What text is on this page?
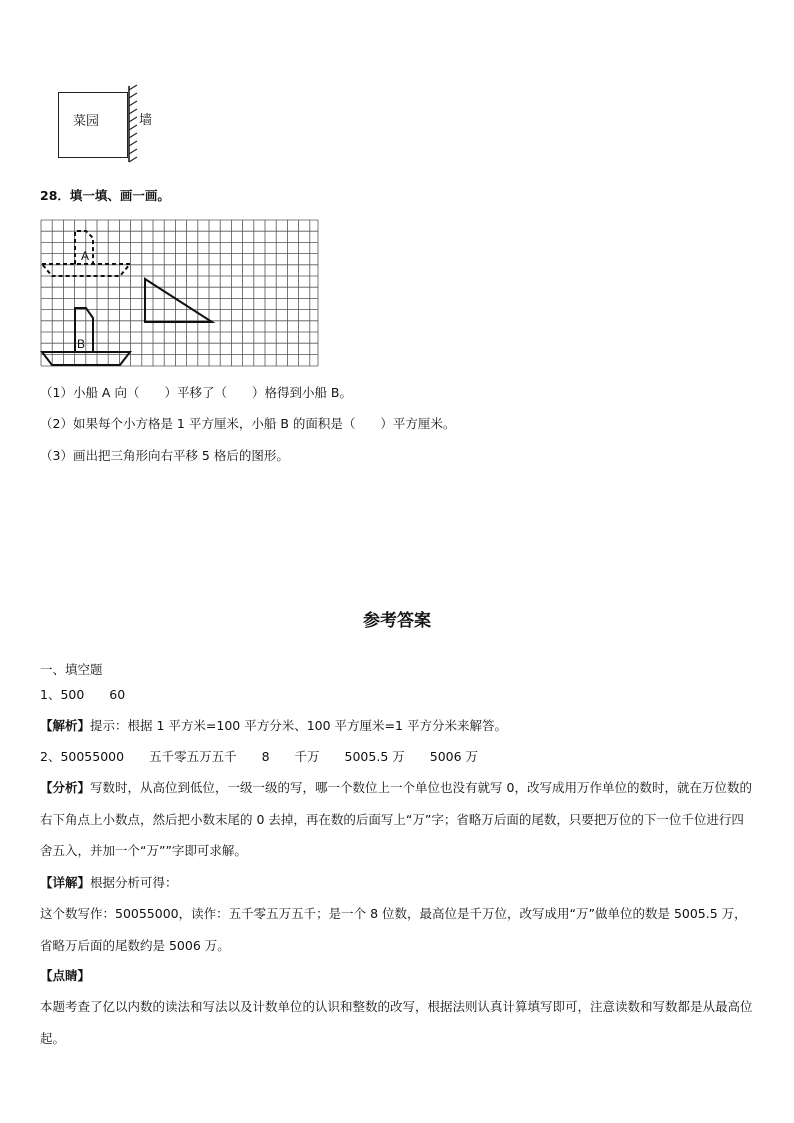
菜园	墙
28．填一填、画一画。
A
B
（1）小船 A 向（　　）平移了（　　）格得到小船 B。
（2）如果每个小方格是 1 平方厘米，小船 B 的面积是（　　）平方厘米。
（3）画出把三角形向右平移 5 格后的图形。
参考答案
一、填空题
1、500　　60
【解析】提示：根据 1 平方米=100 平方分米、100 平方厘米=1 平方分米来解答。
2、50055000　　五千零五万五千　　8　　千万　　5005.5 万　　5006 万
【分析】写数时，从高位到低位，一级一级的写，哪一个数位上一个单位也没有就写 0，改写成用万作单位的数时，就在万位数的右下角点上小数点，然后把小数末尾的 0 去掉，再在数的后面写上“万”字；省略万后面的尾数，只要把万位的下一位千位进行四舍五入，并加一个“万””字即可求解。
【详解】根据分析可得：
这个数写作：50055000，读作：五千零五万五千；是一个 8 位数，最高位是千万位，改写成用“万”做单位的数是 5005.5 万，省略万后面的尾数约是 5006 万。
【点睛】
本题考查了亿以内数的读法和写法以及计数单位的认识和整数的改写，根据法则认真计算填写即可，注意读数和写数都是从最高位起。
